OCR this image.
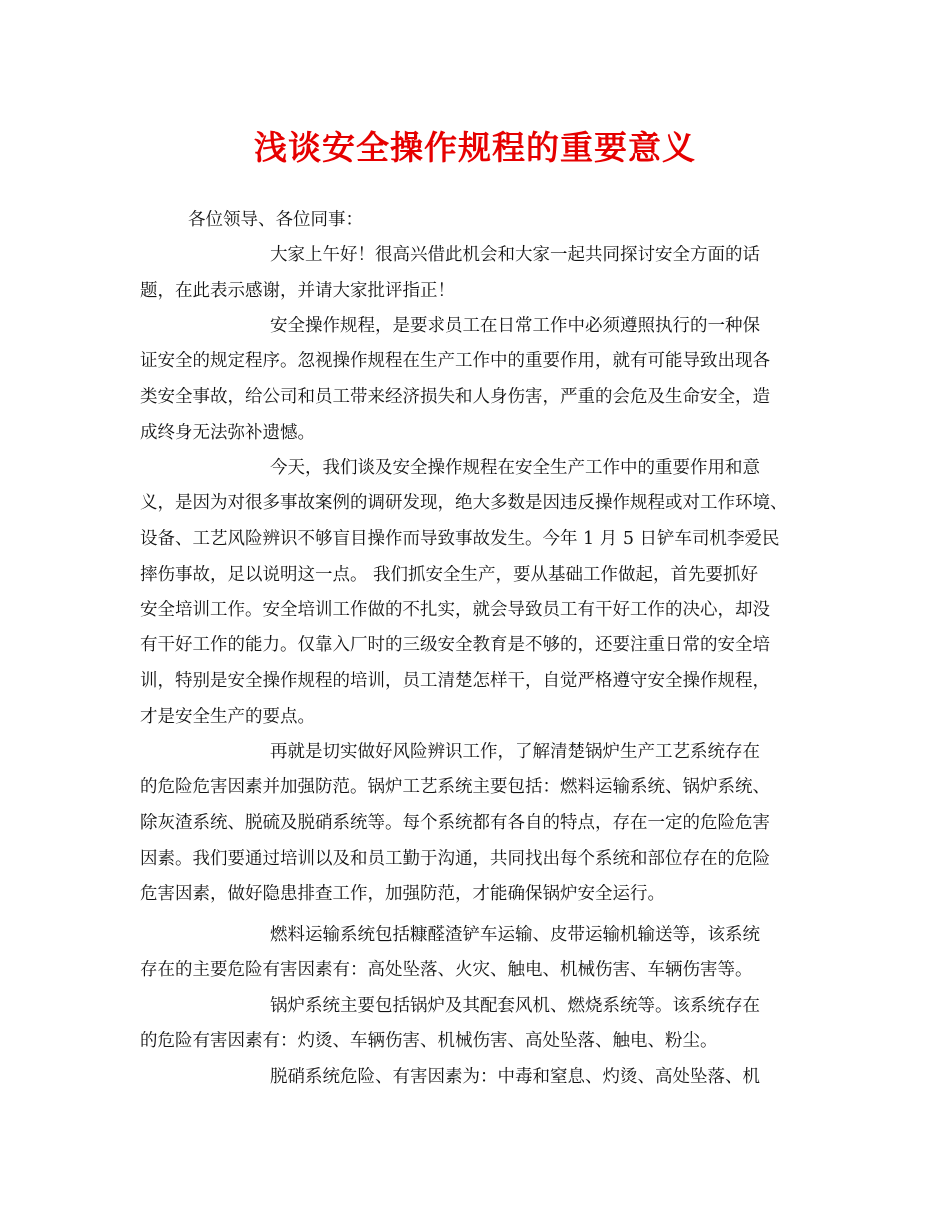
浅谈安全操作规程的重要意义

各位领导、各位同事：

大家上午好！很高兴借此机会和大家一起共同探讨安全方面的话

题，在此表示感谢，并请大家批评指正！

安全操作规程，是要求员工在日常工作中必须遵照执行的一种保

证安全的规定程序。忽视操作规程在生产工作中的重要作用，就有可能导致出现各

类安全事故，给公司和员工带来经济损失和人身伤害，严重的会危及生命安全，造

成终身无法弥补遗憾。

今天，我们谈及安全操作规程在安全生产工作中的重要作用和意

义，是因为对很多事故案例的调研发现，绝大多数是因违反操作规程或对工作环境、

设备、工艺风险辨识不够盲目操作而导致事故发生。今年 1 月 5 日铲车司机李爱民

摔伤事故，足以说明这一点。 我们抓安全生产，要从基础工作做起，首先要抓好

安全培训工作。安全培训工作做的不扎实，就会导致员工有干好工作的决心，却没

有干好工作的能力。仅靠入厂时的三级安全教育是不够的，还要注重日常的安全培

训，特别是安全操作规程的培训，员工清楚怎样干，自觉严格遵守安全操作规程，

才是安全生产的要点。

再就是切实做好风险辨识工作，了解清楚锅炉生产工艺系统存在

的危险危害因素并加强防范。锅炉工艺系统主要包括：燃料运输系统、锅炉系统、

除灰渣系统、脱硫及脱硝系统等。每个系统都有各自的特点，存在一定的危险危害

因素。我们要通过培训以及和员工勤于沟通，共同找出每个系统和部位存在的危险

危害因素，做好隐患排查工作，加强防范，才能确保锅炉安全运行。

燃料运输系统包括糠醛渣铲车运输、皮带运输机输送等，该系统

存在的主要危险有害因素有：高处坠落、火灾、触电、机械伤害、车辆伤害等。

锅炉系统主要包括锅炉及其配套风机、燃烧系统等。该系统存在

的危险有害因素有：灼烫、车辆伤害、机械伤害、高处坠落、触电、粉尘。

脱硝系统危险、有害因素为：中毒和窒息、灼烫、高处坠落、机
